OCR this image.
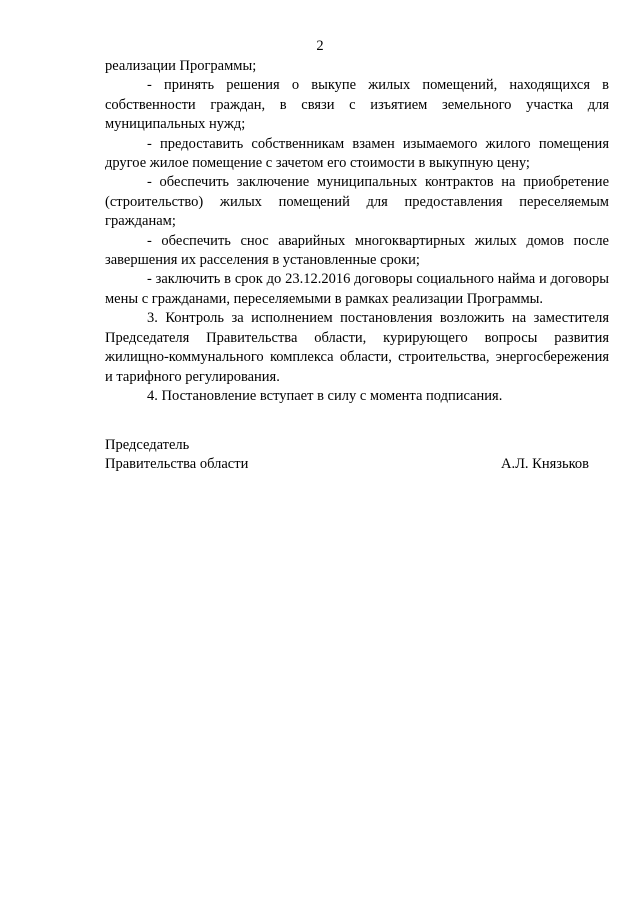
2

реализации Программы;

- принять решения о выкупе жилых помещений, находящихся в собственности граждан, в связи с изъятием земельного участка для муниципальных нужд;

- предоставить собственникам взамен изымаемого жилого помещения другое жилое помещение с зачетом его стоимости в выкупную цену;

- обеспечить заключение муниципальных контрактов на приобретение (строительство) жилых помещений для предоставления переселяемым гражданам;

- обеспечить снос аварийных многоквартирных жилых домов после завершения их расселения в установленные сроки;

- заключить в срок до 23.12.2016 договоры социального найма и договоры мены с гражданами, переселяемыми в рамках реализации Программы.

3. Контроль за исполнением постановления возложить на заместителя Председателя Правительства области, курирующего вопросы развития жилищно-коммунального комплекса области, строительства, энергосбережения и тарифного регулирования.

4. Постановление вступает в силу с момента подписания.

Председатель

Правительства области	А.Л. Князьков
